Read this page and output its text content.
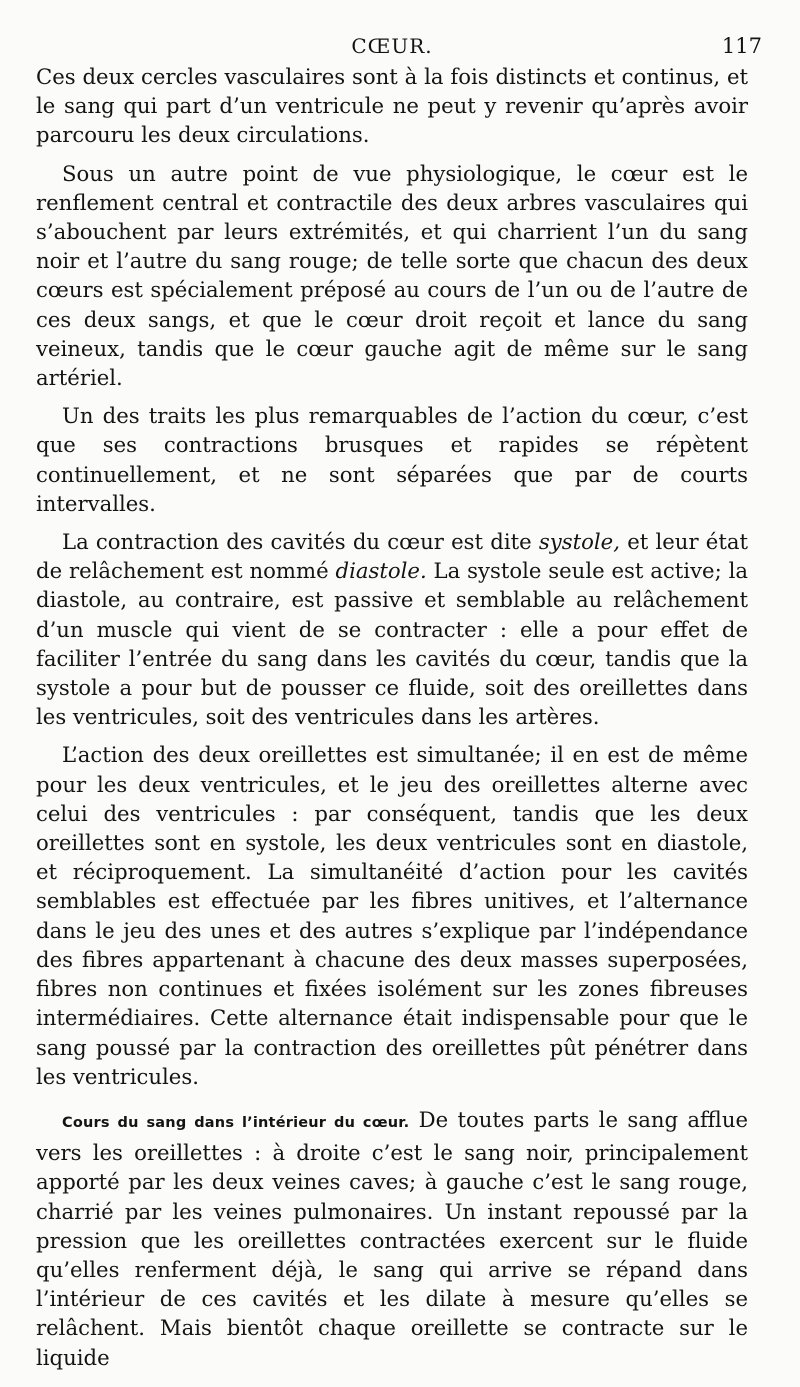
CŒUR.	117

Ces deux cercles vasculaires sont à la fois distincts et continus, et le sang qui part d’un ventricule ne peut y revenir qu’après avoir parcouru les deux circulations.

Sous un autre point de vue physiologique, le cœur est le renflement central et contractile des deux arbres vasculaires qui s’abouchent par leurs extrémités, et qui charrient l’un du sang noir et l’autre du sang rouge; de telle sorte que chacun des deux cœurs est spécialement préposé au cours de l’un ou de l’autre de ces deux sangs, et que le cœur droit reçoit et lance du sang veineux, tandis que le cœur gauche agit de même sur le sang artériel.

Un des traits les plus remarquables de l’action du cœur, c’est que ses contractions brusques et rapides se répètent continuellement, et ne sont séparées que par de courts intervalles.

La contraction des cavités du cœur est dite systole, et leur état de relâchement est nommé diastole. La systole seule est active; la diastole, au contraire, est passive et semblable au relâchement d’un muscle qui vient de se contracter : elle a pour effet de faciliter l’entrée du sang dans les cavités du cœur, tandis que la systole a pour but de pousser ce fluide, soit des oreillettes dans les ventricules, soit des ventricules dans les artères.

L’action des deux oreillettes est simultanée; il en est de même pour les deux ventricules, et le jeu des oreillettes alterne avec celui des ventricules : par conséquent, tandis que les deux oreillettes sont en systole, les deux ventricules sont en diastole, et réciproquement. La simultanéité d’action pour les cavités semblables est effectuée par les fibres unitives, et l’alternance dans le jeu des unes et des autres s’explique par l’indépendance des fibres appartenant à chacune des deux masses superposées, fibres non continues et fixées isolément sur les zones fibreuses intermédiaires. Cette alternance était indispensable pour que le sang poussé par la contraction des oreillettes pût pénétrer dans les ventricules.

Cours du sang dans l’intérieur du cœur. De toutes parts le sang afflue vers les oreillettes : à droite c’est le sang noir, principalement apporté par les deux veines caves; à gauche c’est le sang rouge, charrié par les veines pulmonaires. Un instant repoussé par la pression que les oreillettes contractées exercent sur le fluide qu’elles renferment déjà, le sang qui arrive se répand dans l’intérieur de ces cavités et les dilate à mesure qu’elles se relâchent. Mais bientôt chaque oreillette se contracte sur le liquide
